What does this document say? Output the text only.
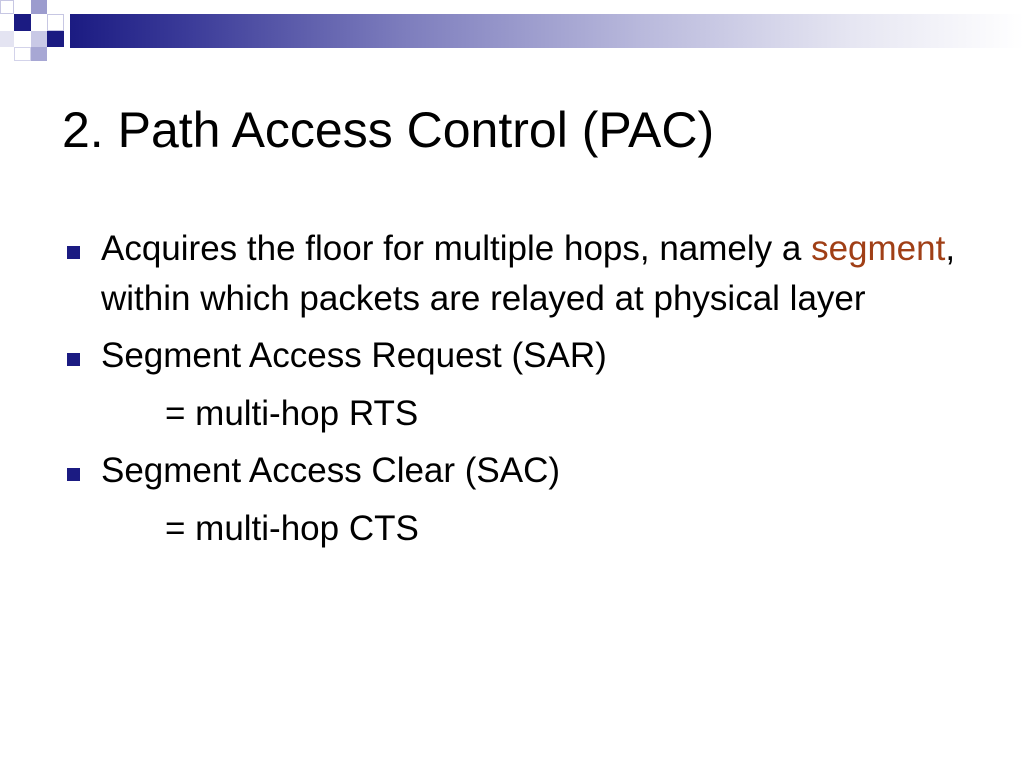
2. Path Access Control (PAC)
Acquires the floor for multiple hops, namely a segment, within which packets are relayed at physical layer
Segment Access Request (SAR)
= multi-hop RTS
Segment Access Clear (SAC)
= multi-hop CTS
